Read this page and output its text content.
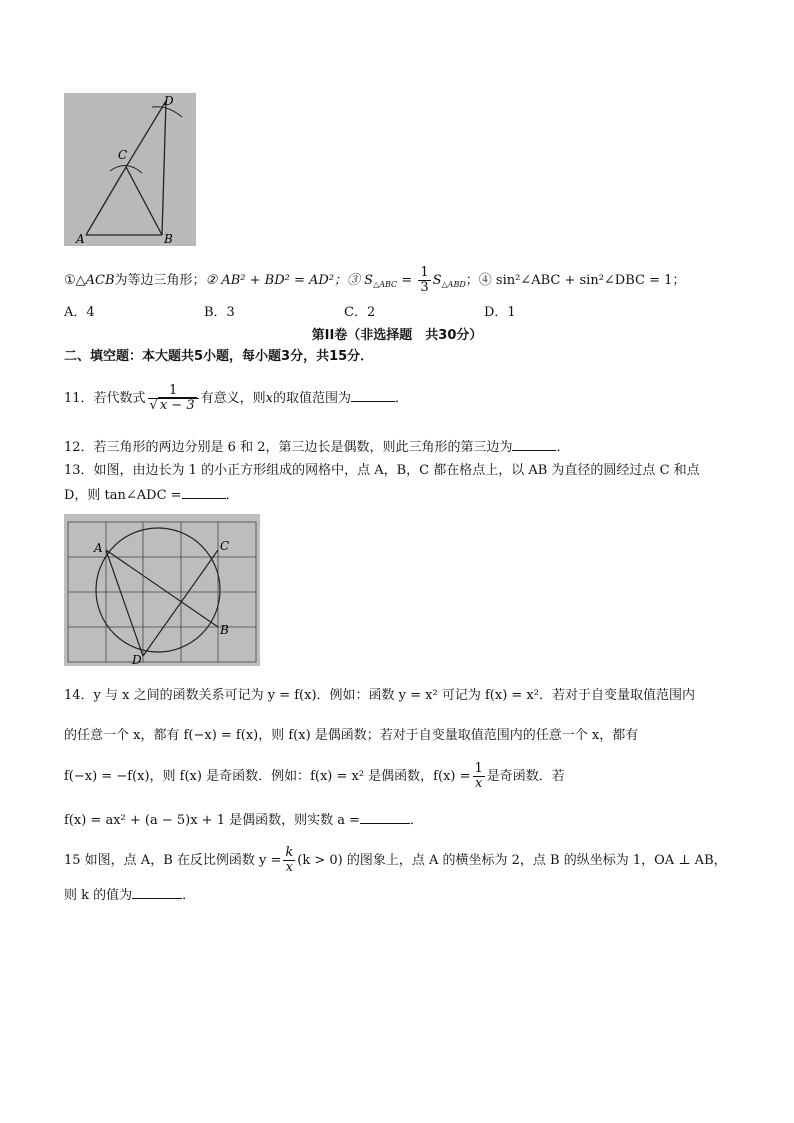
A	B
C
D
①△ACB为等边三角形；② AB² + BD² = AD²；③ $S_{\triangle ABC} = \frac{1}{3} S_{\triangle ABD}$；④ sin²∠ABC + sin²∠DBC = 1；
A．4	B．3	C．2	D．1
第II卷（非选择题　共30分）
二、填空题：本大题共5小题，每小题3分，共15分．
11．若代数式 $\frac{1}{√ x - 3}$ 有意义，则x的取值范围为	．
12．若三角形的两边分别是 6 和 2，第三边长是偶数，则此三角形的第三边为	．
13．如图，由边长为 1 的小正方形组成的网格中，点 A，B，C 都在格点上，以 AB 为直径的圆经过点 C 和点
D，则 tan∠ADC =	．
A
B
C
D
14．y 与 x 之间的函数关系可记为 y = f(x)．例如：函数 y = x² 可记为 f(x) = x²．若对于自变量取值范围内
的任意一个 x，都有 f(−x) = f(x)，则 f(x) 是偶函数；若对于自变量取值范围内的任意一个 x，都有
f(−x) = −f(x)，则 f(x) 是奇函数．例如：f(x) = x² 是偶函数，$f(x) = \frac{1}{x}$ 是奇函数．若
f(x) = ax² + (a − 5)x + 1 是偶函数，则实数 a =	．
15 如图，点 A，B 在反比例函数 $y = \frac{k}{x} (k > 0)$ 的图象上，点 A 的横坐标为 2，点 B 的纵坐标为 1，OA ⊥ AB，
则 k 的值为	．
